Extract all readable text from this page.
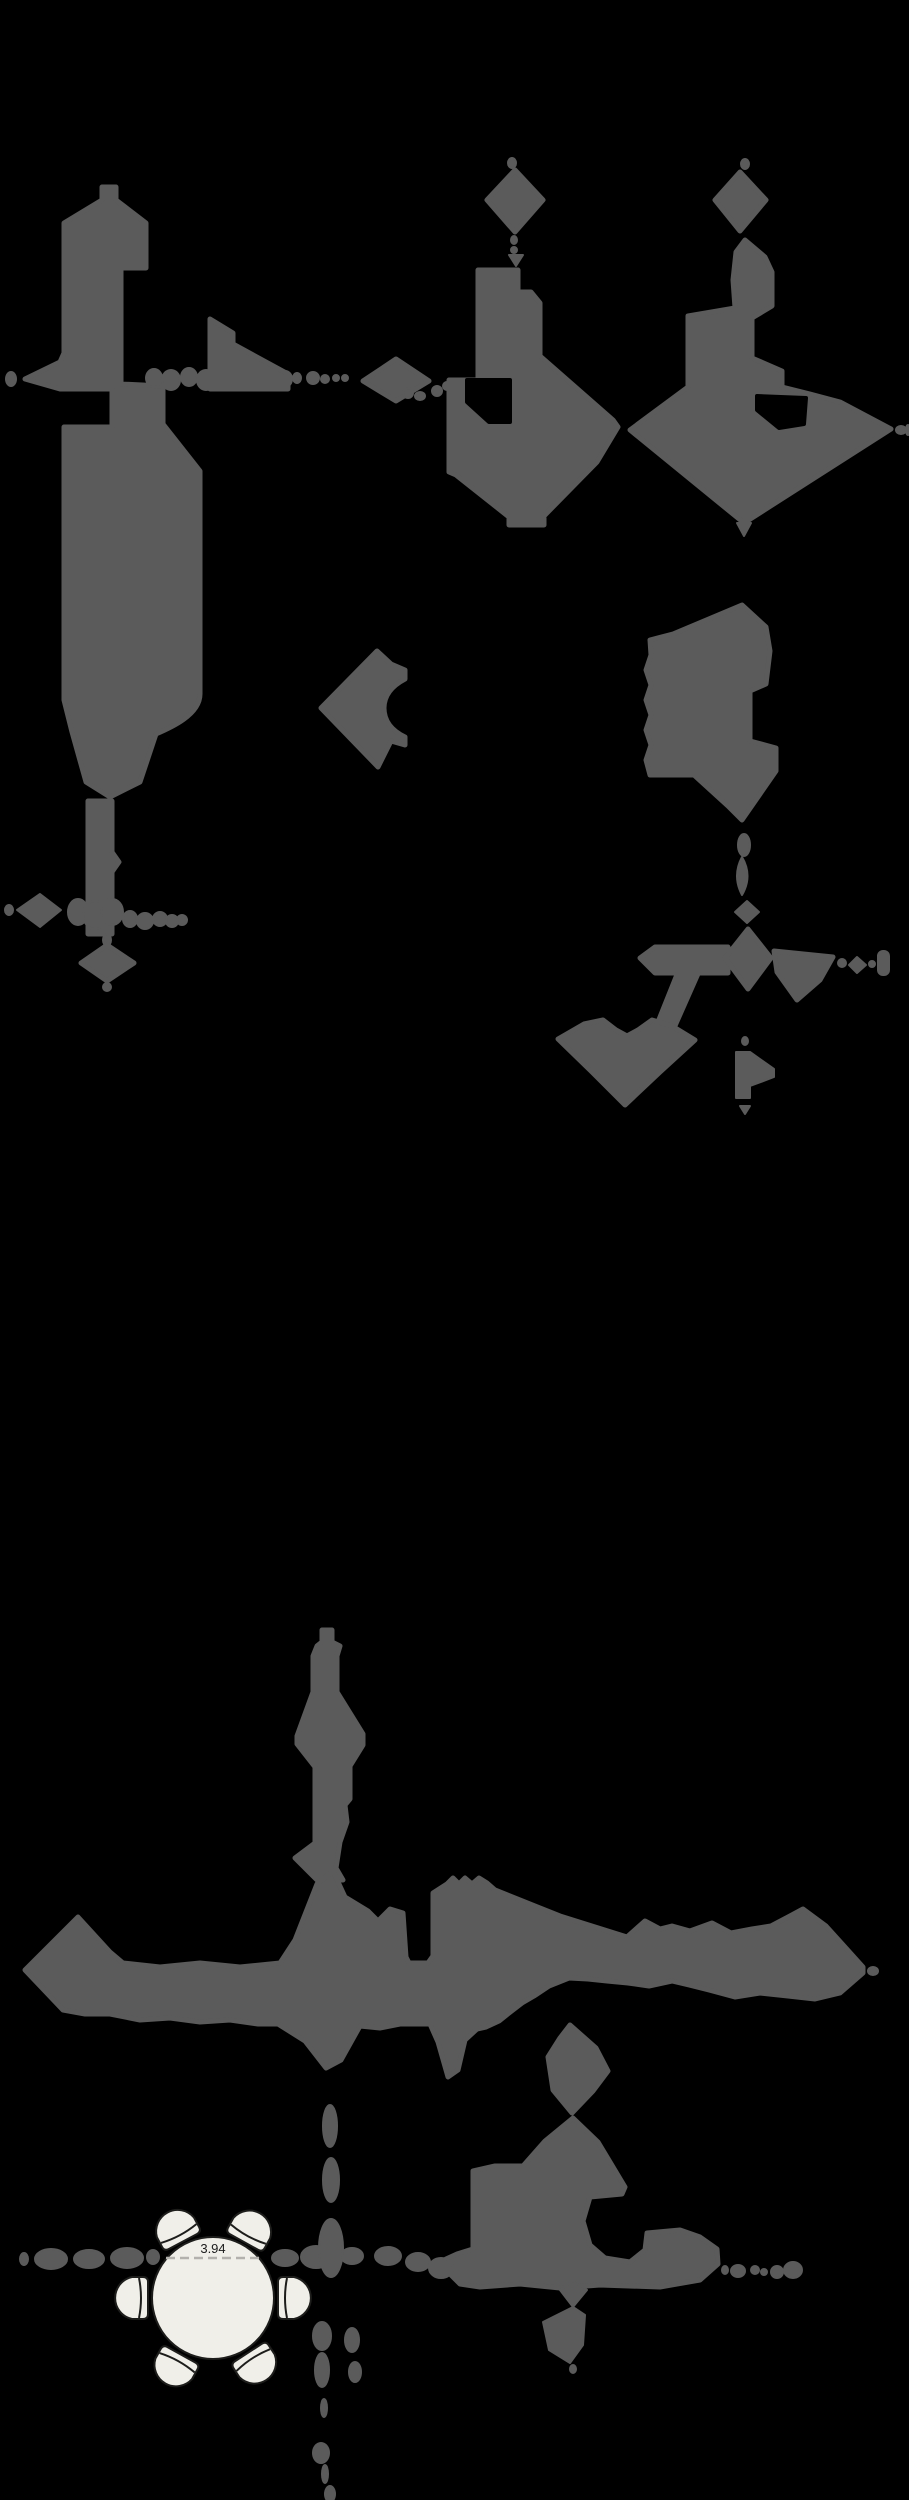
3.94
